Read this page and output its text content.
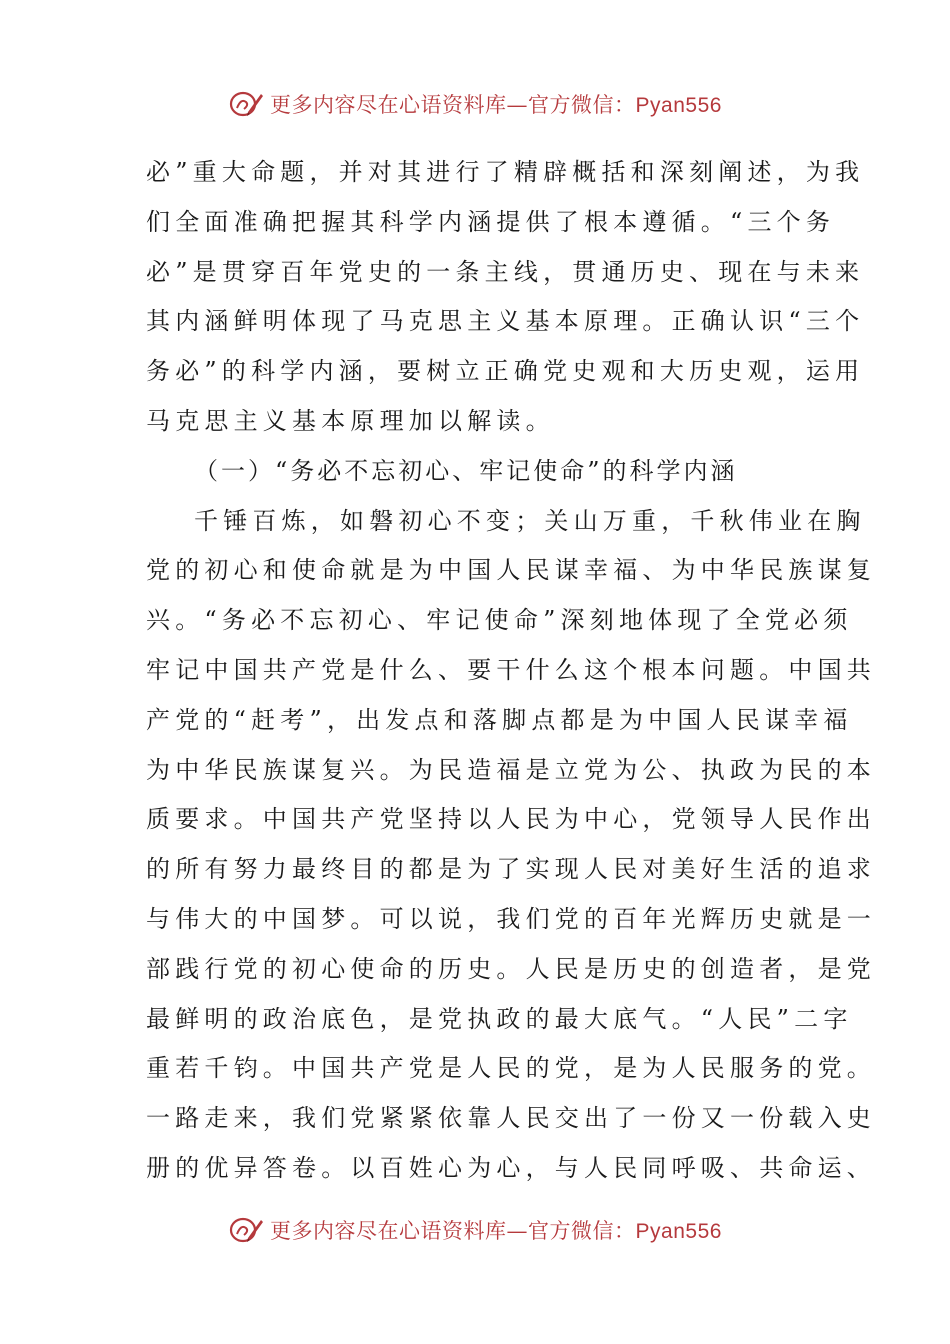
更多内容尽在心语资料库—官方微信：Pyan556
必”重大命题，并对其进行了精辟概括和深刻阐述，为我
们全面准确把握其科学内涵提供了根本遵循。“三个务
必”是贯穿百年党史的一条主线，贯通历史、现在与未来
其内涵鲜明体现了马克思主义基本原理。正确认识“三个
务必”的科学内涵，要树立正确党史观和大历史观，运用
马克思主义基本原理加以解读。
（一）“务必不忘初心、牢记使命”的科学内涵
千锤百炼，如磐初心不变；关山万重，千秋伟业在胸
党的初心和使命就是为中国人民谋幸福、为中华民族谋复
兴。“务必不忘初心、牢记使命”深刻地体现了全党必须
牢记中国共产党是什么、要干什么这个根本问题。中国共
产党的“赶考”，出发点和落脚点都是为中国人民谋幸福
为中华民族谋复兴。为民造福是立党为公、执政为民的本
质要求。中国共产党坚持以人民为中心，党领导人民作出
的所有努力最终目的都是为了实现人民对美好生活的追求
与伟大的中国梦。可以说，我们党的百年光辉历史就是一
部践行党的初心使命的历史。人民是历史的创造者，是党
最鲜明的政治底色，是党执政的最大底气。“人民”二字
重若千钧。中国共产党是人民的党，是为人民服务的党。
一路走来，我们党紧紧依靠人民交出了一份又一份载入史
册的优异答卷。以百姓心为心，与人民同呼吸、共命运、
更多内容尽在心语资料库—官方微信：Pyan556
